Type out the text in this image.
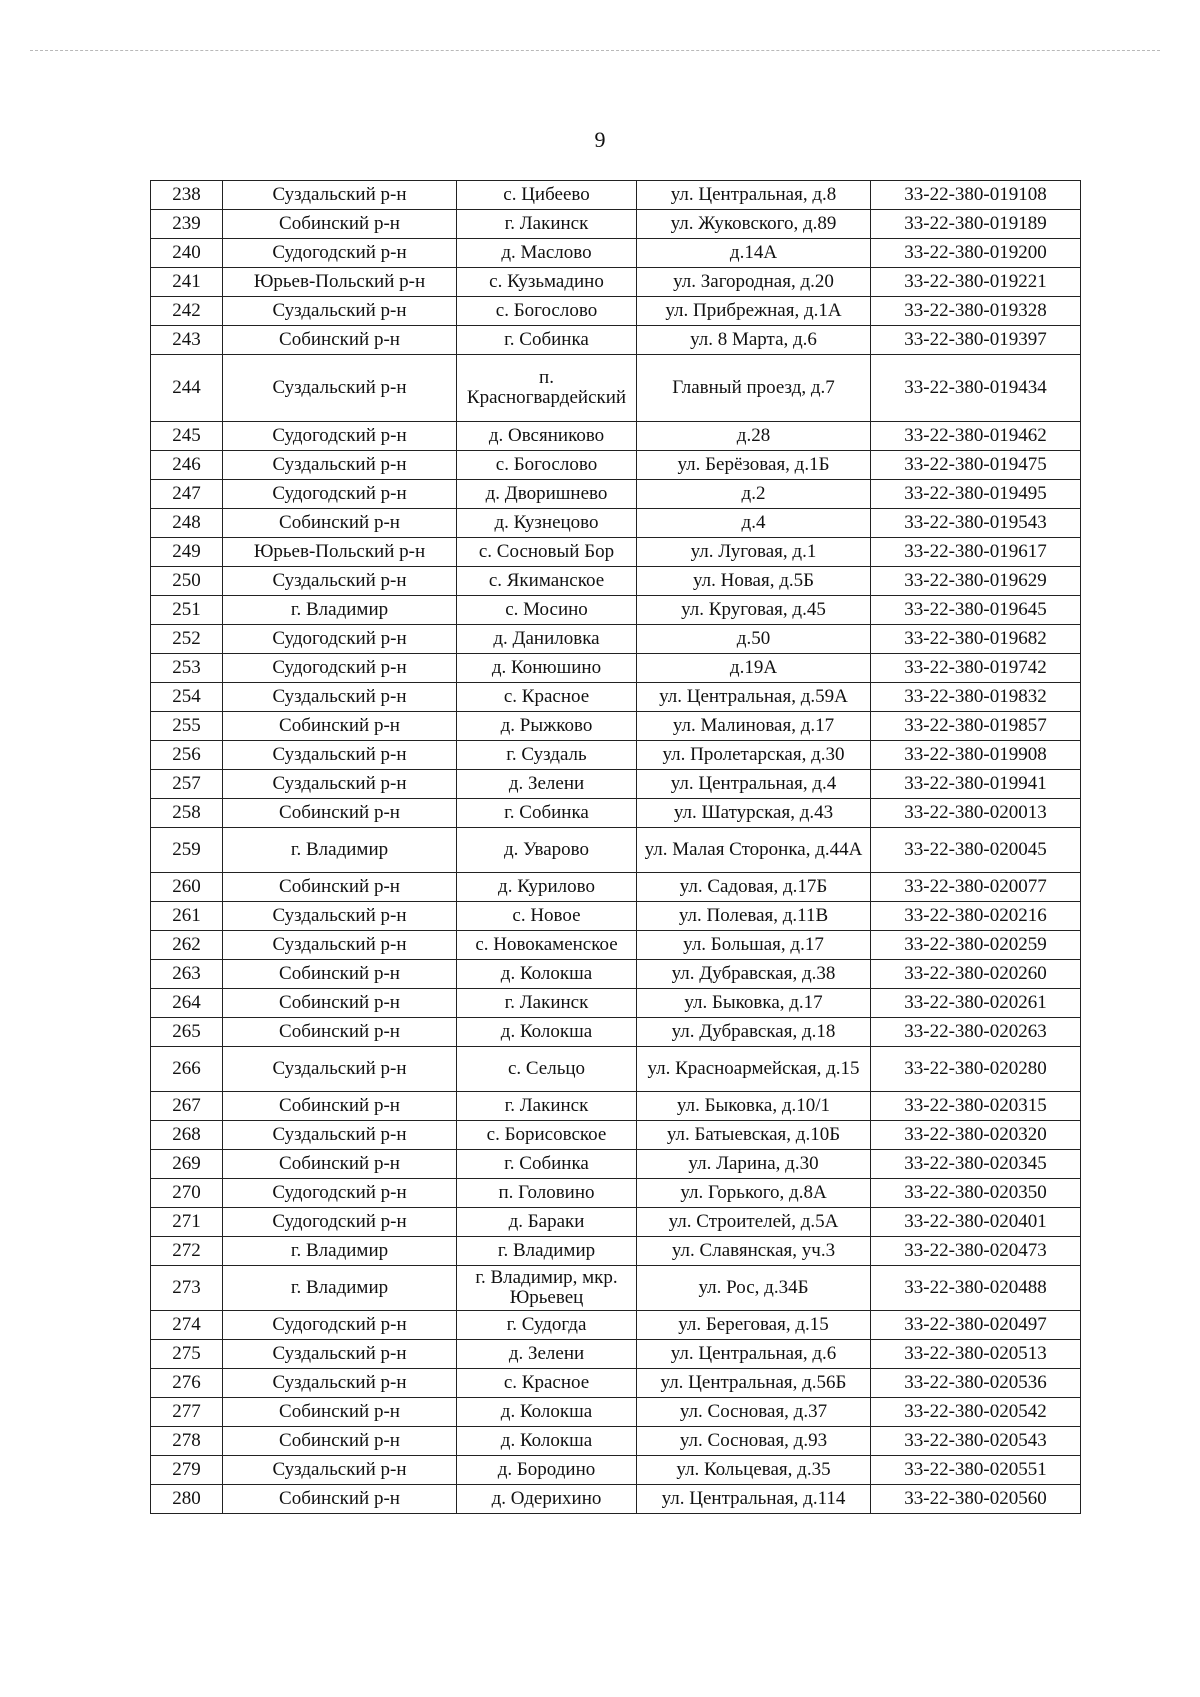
9
238	Суздальский р-н	с. Цибеево	ул. Центральная, д.8	33-22-380-019108
239	Собинский р-н	г. Лакинск	ул. Жуковского, д.89	33-22-380-019189
240	Судогодский р-н	д. Маслово	д.14А	33-22-380-019200
241	Юрьев-Польский р-н	с. Кузьмадино	ул. Загородная, д.20	33-22-380-019221
242	Суздальский р-н	с. Богослово	ул. Прибрежная, д.1А	33-22-380-019328
243	Собинский р-н	г. Собинка	ул. 8 Марта, д.6	33-22-380-019397
244	Суздальский р-н	п. Красногвардейский	Главный проезд, д.7	33-22-380-019434
245	Судогодский р-н	д. Овсяниково	д.28	33-22-380-019462
246	Суздальский р-н	с. Богослово	ул. Берёзовая, д.1Б	33-22-380-019475
247	Судогодский р-н	д. Дворишнево	д.2	33-22-380-019495
248	Собинский р-н	д. Кузнецово	д.4	33-22-380-019543
249	Юрьев-Польский р-н	с. Сосновый Бор	ул. Луговая, д.1	33-22-380-019617
250	Суздальский р-н	с. Якиманское	ул. Новая, д.5Б	33-22-380-019629
251	г. Владимир	с. Мосино	ул. Круговая, д.45	33-22-380-019645
252	Судогодский р-н	д. Даниловка	д.50	33-22-380-019682
253	Судогодский р-н	д. Конюшино	д.19А	33-22-380-019742
254	Суздальский р-н	с. Красное	ул. Центральная, д.59А	33-22-380-019832
255	Собинский р-н	д. Рыжково	ул. Малиновая, д.17	33-22-380-019857
256	Суздальский р-н	г. Суздаль	ул. Пролетарская, д.30	33-22-380-019908
257	Суздальский р-н	д. Зелени	ул. Центральная, д.4	33-22-380-019941
258	Собинский р-н	г. Собинка	ул. Шатурская, д.43	33-22-380-020013
259	г. Владимир	д. Уварово	ул. Малая Сторонка, д.44А	33-22-380-020045
260	Собинский р-н	д. Курилово	ул. Садовая, д.17Б	33-22-380-020077
261	Суздальский р-н	с. Новое	ул. Полевая, д.11В	33-22-380-020216
262	Суздальский р-н	с. Новокаменское	ул. Большая, д.17	33-22-380-020259
263	Собинский р-н	д. Колокша	ул. Дубравская, д.38	33-22-380-020260
264	Собинский р-н	г. Лакинск	ул. Быковка, д.17	33-22-380-020261
265	Собинский р-н	д. Колокша	ул. Дубравская, д.18	33-22-380-020263
266	Суздальский р-н	с. Сельцо	ул. Красноармейская, д.15	33-22-380-020280
267	Собинский р-н	г. Лакинск	ул. Быковка, д.10/1	33-22-380-020315
268	Суздальский р-н	с. Борисовское	ул. Батыевская, д.10Б	33-22-380-020320
269	Собинский р-н	г. Собинка	ул. Ларина, д.30	33-22-380-020345
270	Судогодский р-н	п. Головино	ул. Горького, д.8А	33-22-380-020350
271	Судогодский р-н	д. Бараки	ул. Строителей, д.5А	33-22-380-020401
272	г. Владимир	г. Владимир	ул. Славянская, уч.3	33-22-380-020473
273	г. Владимир	г. Владимир, мкр. Юрьевец	ул. Рос, д.34Б	33-22-380-020488
274	Судогодский р-н	г. Судогда	ул. Береговая, д.15	33-22-380-020497
275	Суздальский р-н	д. Зелени	ул. Центральная, д.6	33-22-380-020513
276	Суздальский р-н	с. Красное	ул. Центральная, д.56Б	33-22-380-020536
277	Собинский р-н	д. Колокша	ул. Сосновая, д.37	33-22-380-020542
278	Собинский р-н	д. Колокша	ул. Сосновая, д.93	33-22-380-020543
279	Суздальский р-н	д. Бородино	ул. Кольцевая, д.35	33-22-380-020551
280	Собинский р-н	д. Одерихино	ул. Центральная, д.114	33-22-380-020560
